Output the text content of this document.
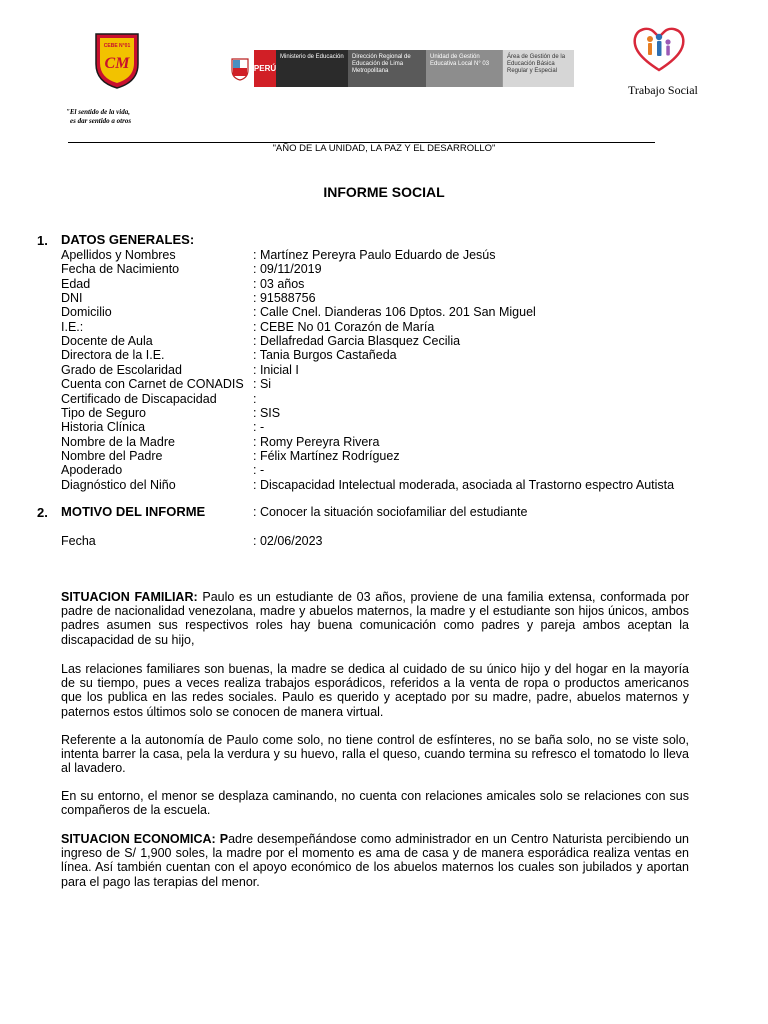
CEBE N°01
CM	PERÚ
Ministerio de Educación	Dirección Regional de Educación de Lima Metropolitana
Unidad de Gestión Educativa Local N° 03
Área de Gestión de la Educación Básica Regular y Especial
Trabajo Social
"El sentido de la vida,
es dar sentido a otros
"AÑO DE LA UNIDAD, LA PAZ Y EL DESARROLLO"
INFORME SOCIAL
1. DATOS GENERALES:
Apellidos y Nombres	: Martínez Pereyra Paulo Eduardo de Jesús
Fecha de Nacimiento	: 09/11/2019
Edad	: 03 años
DNI	: 91588756
Domicilio	: Calle Cnel. Dianderas 106 Dptos. 201 San Miguel
I.E.:	: CEBE No 01 Corazón de María
Docente de Aula	: Dellafredad Garcia Blasquez Cecilia
Directora de la I.E.	: Tania Burgos Castañeda
Grado de Escolaridad	: Inicial I
Cuenta con Carnet de CONADIS : Si
Certificado de Discapacidad	:
Tipo de Seguro	: SIS
Historia Clínica	: -
Nombre de la Madre	: Romy Pereyra Rivera
Nombre del Padre	: Félix Martínez Rodríguez
Apoderado	: -
Diagnóstico del Niño	: Discapacidad Intelectual moderada, asociada al Trastorno espectro Autista
2. MOTIVO DEL INFORME	: Conocer la situación sociofamiliar del estudiante
Fecha	: 02/06/2023
SITUACION FAMILIAR: Paulo es un estudiante de 03 años, proviene de una familia extensa, conformada por padre de nacionalidad venezolana, madre y abuelos maternos, la madre y el estudiante son hijos únicos, ambos padres asumen sus respectivos roles hay buena comunicación como padres y pareja ambos aceptan la discapacidad de su hijo,
Las relaciones familiares son buenas, la madre se dedica al cuidado de su único hijo y del hogar en la mayoría de su tiempo, pues a veces realiza trabajos esporádicos, referidos a la venta de ropa o productos americanos que los publica en las redes sociales. Paulo es querido y aceptado por su madre, padre, abuelos maternos y paternos estos últimos solo se conocen de manera virtual.
Referente a la autonomía de Paulo come solo, no tiene control de esfínteres, no se baña solo, no se viste solo, intenta barrer la casa, pela la verdura y su huevo, ralla el queso, cuando termina su refresco el tomatodo lo lleva al lavadero.
En su entorno, el menor se desplaza caminando, no cuenta con relaciones amicales solo se relaciones con sus compañeros de la escuela.
SITUACION ECONOMICA: Padre desempeñándose como administrador en un Centro Naturista percibiendo un ingreso de S/ 1,900 soles, la madre por el momento es ama de casa y de manera esporádica realiza ventas en línea. Así también cuentan con el apoyo económico de los abuelos maternos los cuales son jubilados y aportan para el pago las terapias del menor.
